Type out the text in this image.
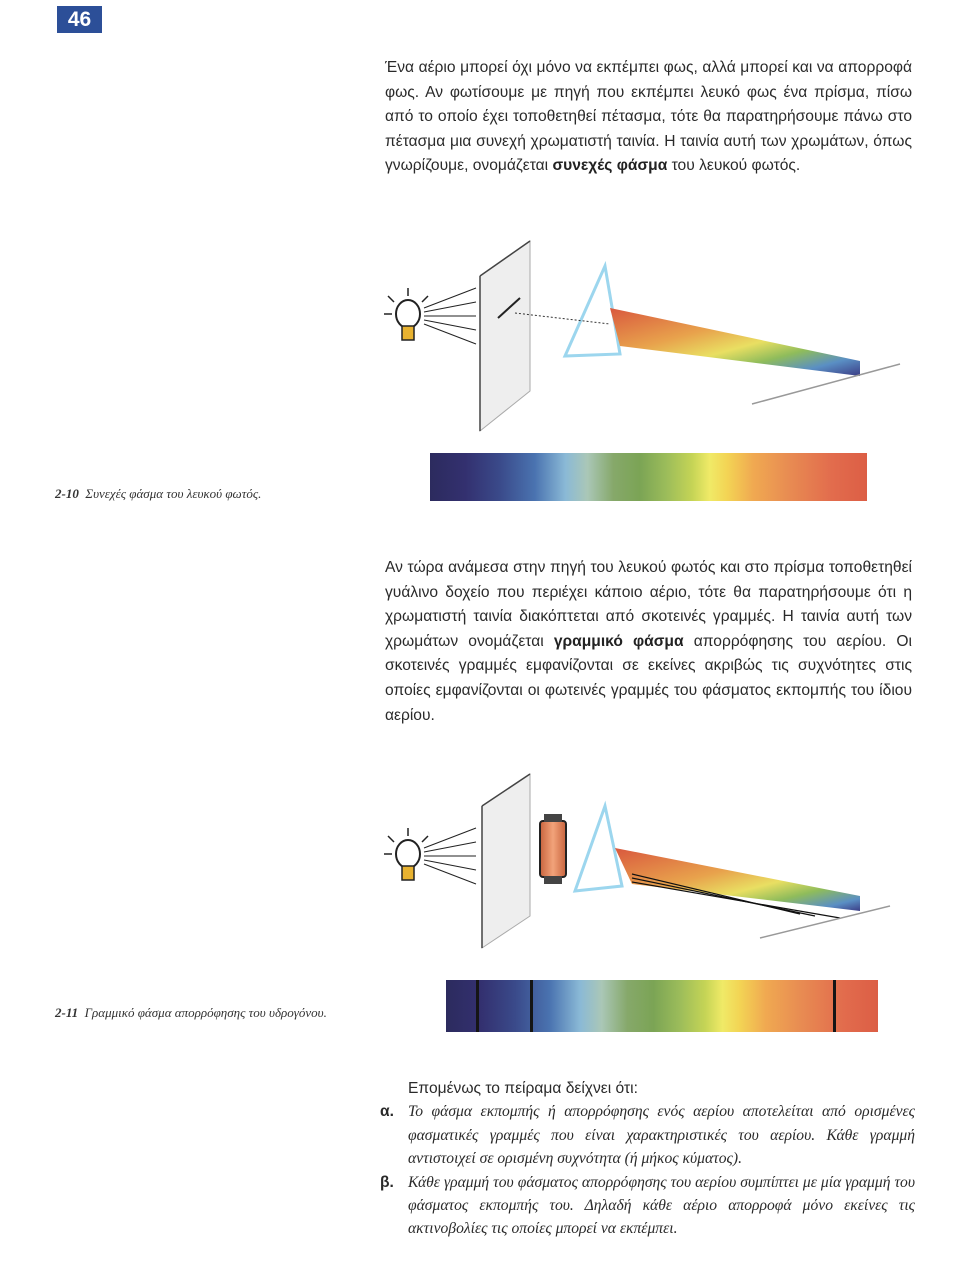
46

Ένα αέριο μπορεί όχι μόνο να εκπέμπει φως, αλλά μπορεί και να απορροφά φως. Αν φωτίσουμε με πηγή που εκπέμπει λευκό φως ένα πρίσμα, πίσω από το οποίο έχει τοποθετηθεί πέτασμα, τότε θα παρατηρήσουμε πάνω στο πέτασμα μια συνεχή χρωματιστή ταινία. Η ταινία αυτή των χρωμάτων, όπως γνωρίζουμε, ονομάζεται συνεχές φάσμα του λευκού φωτός.

2-10 Συνεχές φάσμα του λευκού φωτός.

Αν τώρα ανάμεσα στην πηγή του λευκού φωτός και στο πρίσμα τοποθετηθεί γυάλινο δοχείο που περιέχει κάποιο αέριο, τότε θα παρατηρήσουμε ότι η χρωματιστή ταινία διακόπτεται από σκοτεινές γραμμές. Η ταινία αυτή των χρωμάτων ονομάζεται γραμμικό φάσμα απορρόφησης του αερίου. Οι σκοτεινές γραμμές εμφανίζονται σε εκείνες ακριβώς τις συχνότητες στις οποίες εμφανίζονται οι φωτεινές γραμμές του φάσματος εκπομπής του ίδιου αερίου.

2-11 Γραμμικό φάσμα απορρόφησης του υδρογόνου.

Επομένως το πείραμα δείχνει ότι:

α. Το φάσμα εκπομπής ή απορρόφησης ενός αερίου αποτελείται από ορισμένες φασματικές γραμμές που είναι χαρακτηριστικές του αερίου. Κάθε γραμμή αντιστοιχεί σε ορισμένη συχνότητα (ή μήκος κύματος).
β. Κάθε γραμμή του φάσματος απορρόφησης του αερίου συμπίπτει με μία γραμμή του φάσματος εκπομπής του. Δηλαδή κάθε αέριο απορροφά μόνο εκείνες τις ακτινοβολίες τις οποίες μπορεί να εκπέμπει.
